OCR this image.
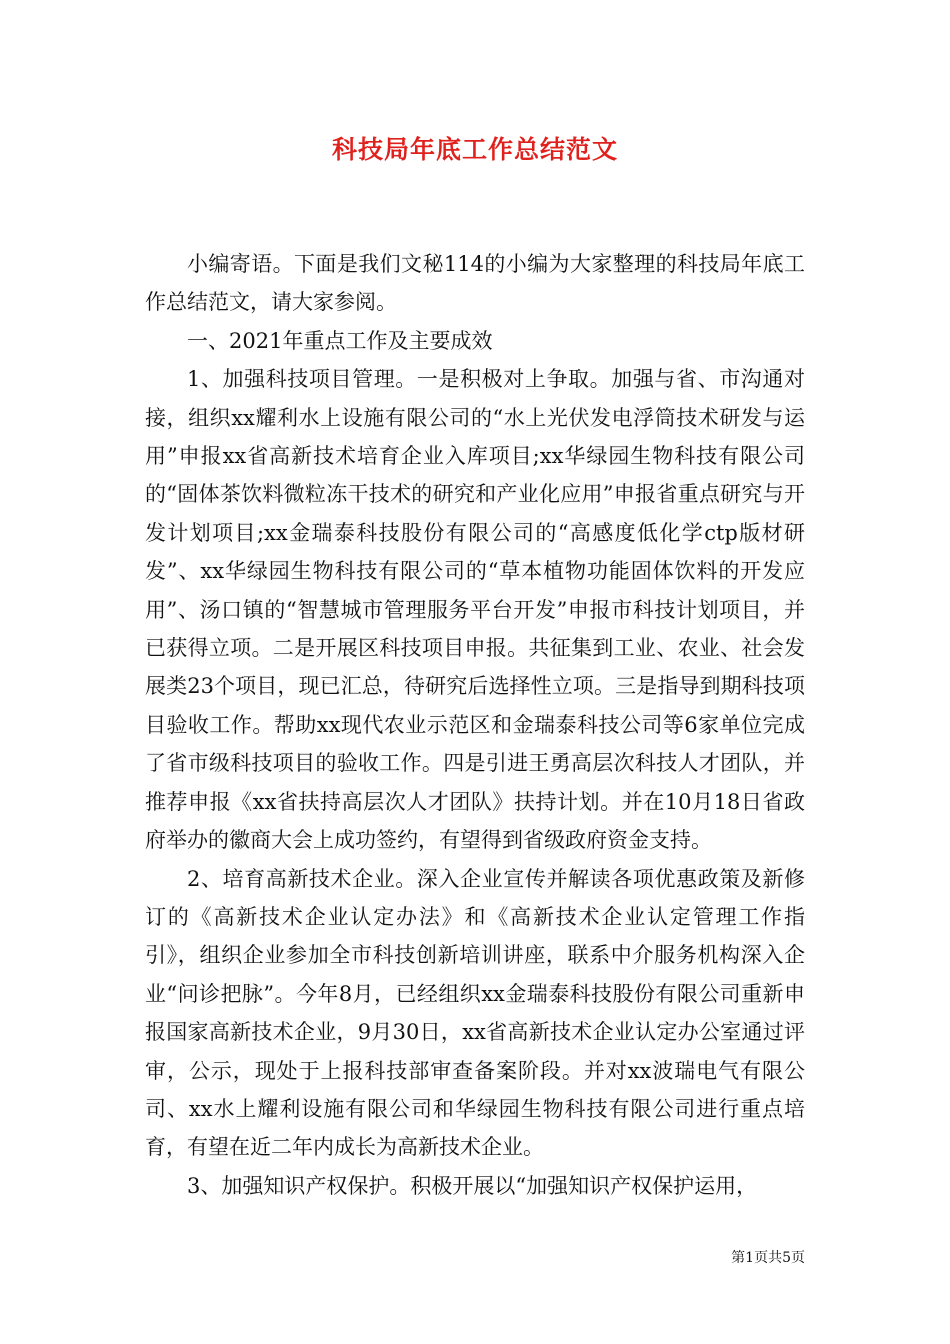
科技局年底工作总结范文

小编寄语。下面是我们文秘114的小编为大家整理的科技局年底工作总结范文，请大家参阅。

一、2021年重点工作及主要成效

1、加强科技项目管理。一是积极对上争取。加强与省、市沟通对接，组织xx耀利水上设施有限公司的“水上光伏发电浮筒技术研发与运用”申报xx省高新技术培育企业入库项目;xx华绿园生物科技有限公司的“固体茶饮料微粒冻干技术的研究和产业化应用”申报省重点研究与开发计划项目;xx金瑞泰科技股份有限公司的“高感度低化学ctp版材研发”、xx华绿园生物科技有限公司的“草本植物功能固体饮料的开发应用”、汤口镇的“智慧城市管理服务平台开发”申报市科技计划项目，并已获得立项。二是开展区科技项目申报。共征集到工业、农业、社会发展类23个项目，现已汇总，待研究后选择性立项。三是指导到期科技项目验收工作。帮助xx现代农业示范区和金瑞泰科技公司等6家单位完成了省市级科技项目的验收工作。四是引进王勇高层次科技人才团队，并推荐申报《xx省扶持高层次人才团队》扶持计划。并在10月18日省政府举办的徽商大会上成功签约，有望得到省级政府资金支持。

2、培育高新技术企业。深入企业宣传并解读各项优惠政策及新修订的《高新技术企业认定办法》和《高新技术企业认定管理工作指引》，组织企业参加全市科技创新培训讲座，联系中介服务机构深入企业“问诊把脉”。今年8月，已经组织xx金瑞泰科技股份有限公司重新申报国家高新技术企业，9月30日，xx省高新技术企业认定办公室通过评审，公示，现处于上报科技部审查备案阶段。并对xx波瑞电气有限公司、xx水上耀利设施有限公司和华绿园生物科技有限公司进行重点培育，有望在近二年内成长为高新技术企业。

3、加强知识产权保护。积极开展以“加强知识产权保护运用，

第1页共5页
